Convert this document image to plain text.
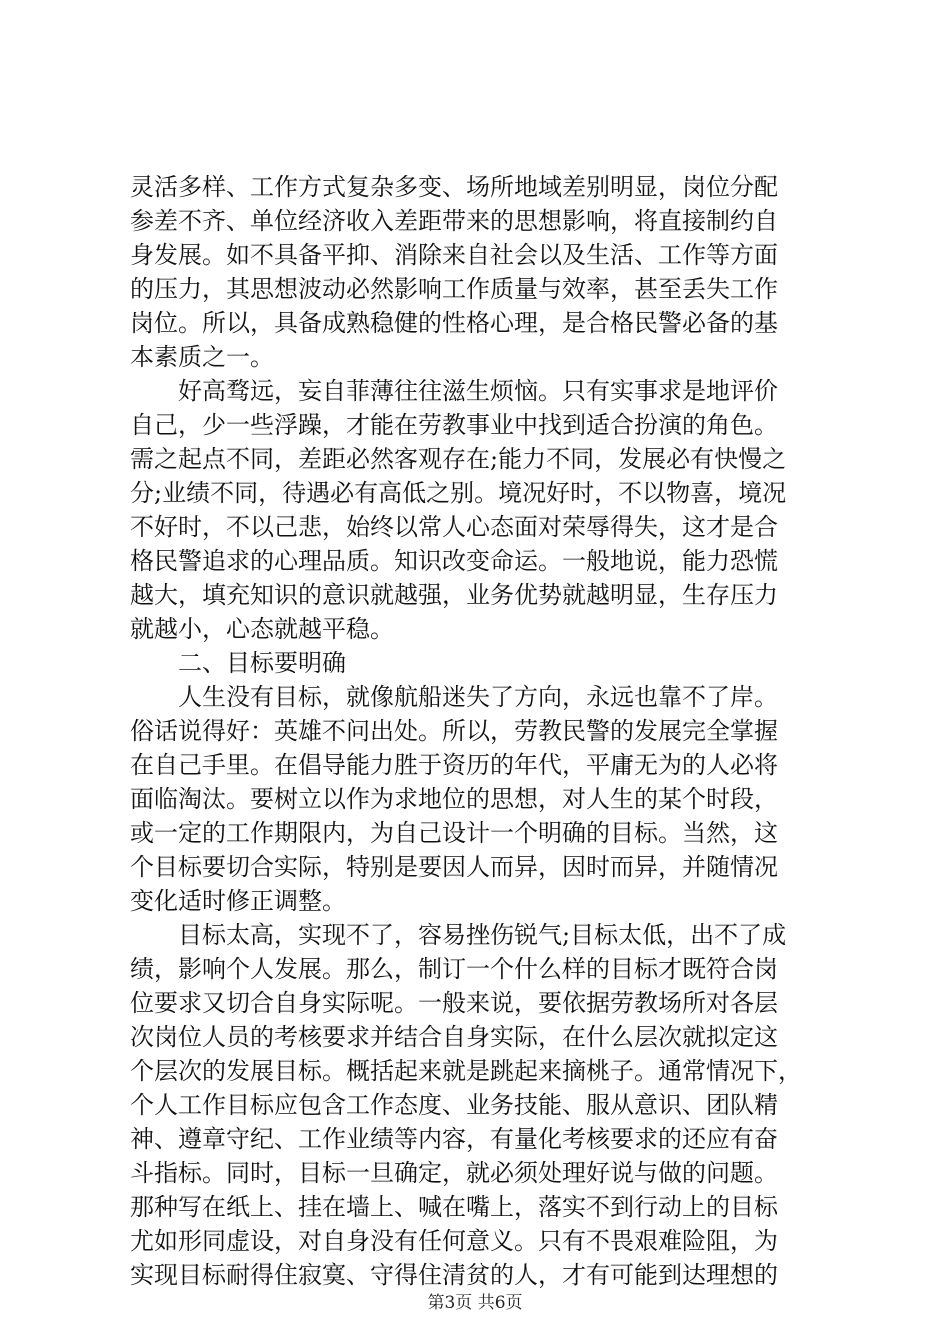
灵活多样、工作方式复杂多变、场所地域差别明显，岗位分配
参差不齐、单位经济收入差距带来的思想影响，将直接制约自
身发展。如不具备平抑、消除来自社会以及生活、工作等方面
的压力，其思想波动必然影响工作质量与效率，甚至丢失工作
岗位。所以，具备成熟稳健的性格心理，是合格民警必备的基
本素质之一。
　　好高骛远，妄自菲薄往往滋生烦恼。只有实事求是地评价
自己，少一些浮躁，才能在劳教事业中找到适合扮演的角色。
需之起点不同，差距必然客观存在;能力不同，发展必有快慢之
分;业绩不同，待遇必有高低之别。境况好时，不以物喜，境况
不好时，不以己悲，始终以常人心态面对荣辱得失，这才是合
格民警追求的心理品质。知识改变命运。一般地说，能力恐慌
越大，填充知识的意识就越强，业务优势就越明显，生存压力
就越小，心态就越平稳。
　　二、目标要明确
　　人生没有目标，就像航船迷失了方向，永远也靠不了岸。
俗话说得好：英雄不问出处。所以，劳教民警的发展完全掌握
在自己手里。在倡导能力胜于资历的年代，平庸无为的人必将
面临淘汰。要树立以作为求地位的思想，对人生的某个时段，
或一定的工作期限内，为自己设计一个明确的目标。当然，这
个目标要切合实际，特别是要因人而异，因时而异，并随情况
变化适时修正调整。
　　目标太高，实现不了，容易挫伤锐气;目标太低，出不了成
绩，影响个人发展。那么，制订一个什么样的目标才既符合岗
位要求又切合自身实际呢。一般来说，要依据劳教场所对各层
次岗位人员的考核要求并结合自身实际，在什么层次就拟定这
个层次的发展目标。概括起来就是跳起来摘桃子。通常情况下，
个人工作目标应包含工作态度、业务技能、服从意识、团队精
神、遵章守纪、工作业绩等内容，有量化考核要求的还应有奋
斗指标。同时，目标一旦确定，就必须处理好说与做的问题。
那种写在纸上、挂在墙上、喊在嘴上，落实不到行动上的目标
尤如形同虚设，对自身没有任何意义。只有不畏艰难险阻，为
实现目标耐得住寂寞、守得住清贫的人，才有可能到达理想的
第3页 共6页
